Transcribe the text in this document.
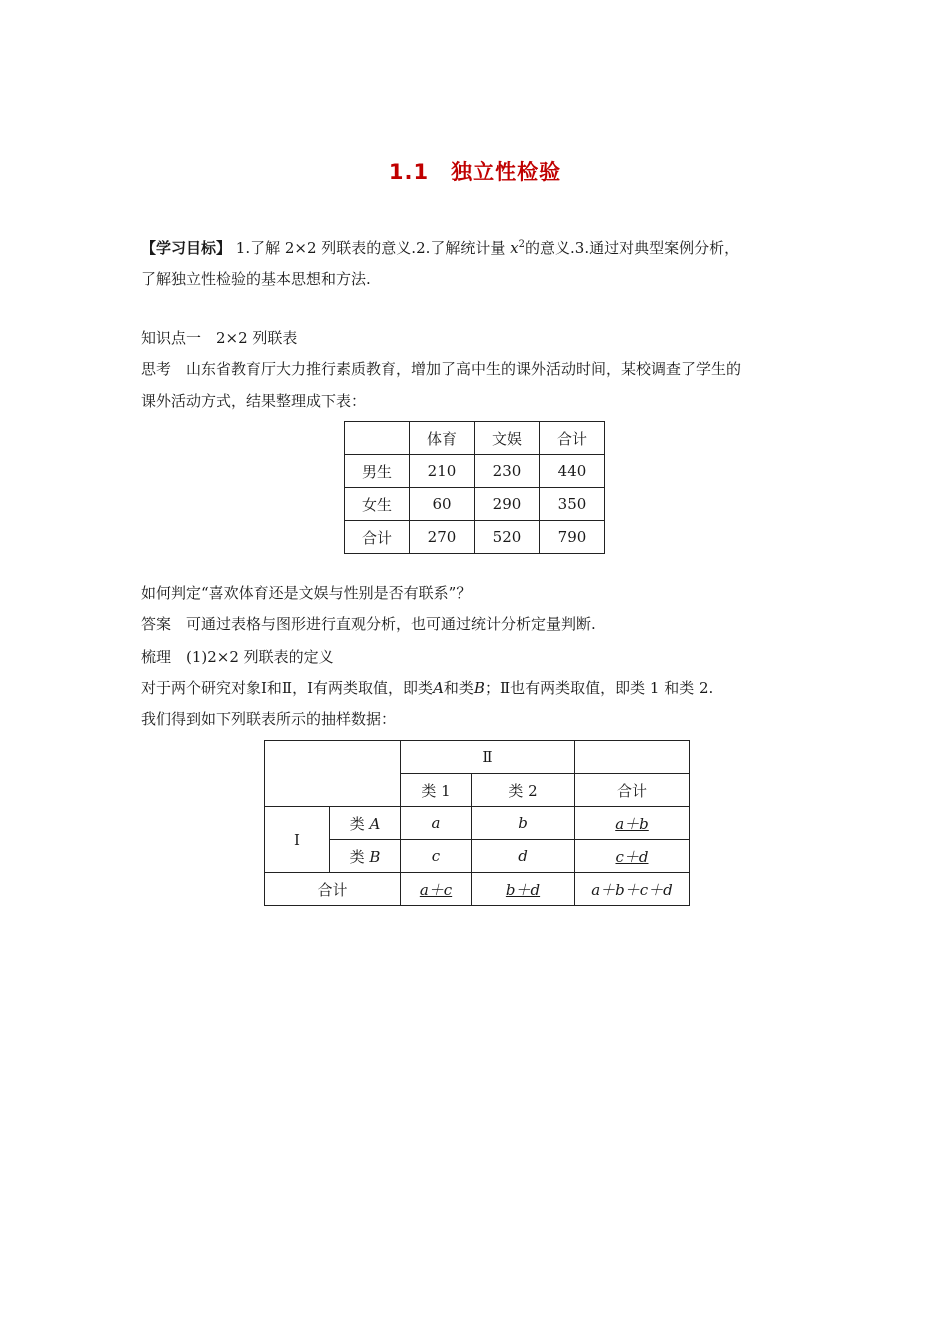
1.1　独立性检验
【学习目标】 1.了解 2×2 列联表的意义.2.了解统计量 $x^2$的意义.3.通过对典型案例分析，
了解独立性检验的基本思想和方法.
知识点一　2×2 列联表
思考　山东省教育厅大力推行素质教育，增加了高中生的课外活动时间，某校调查了学生的
课外活动方式，结果整理成下表：
	体育	文娱	合计
男生	210	230	440
女生	60	290	350
合计	270	520	790
如何判定“喜欢体育还是文娱与性别是否有联系”？
答案　可通过表格与图形进行直观分析，也可通过统计分析定量判断.
梳理　(1)2×2 列联表的定义
对于两个研究对象Ⅰ和Ⅱ，Ⅰ有两类取值，即类A和类B；Ⅱ也有两类取值，即类 1 和类 2.
我们得到如下列联表所示的抽样数据：
		Ⅱ		
		类 1	类 2	合计
Ⅰ	类 A	a	b	a＋b
	类 B	c	d	c＋d
合计		a＋c	b＋d	a＋b＋c＋d
